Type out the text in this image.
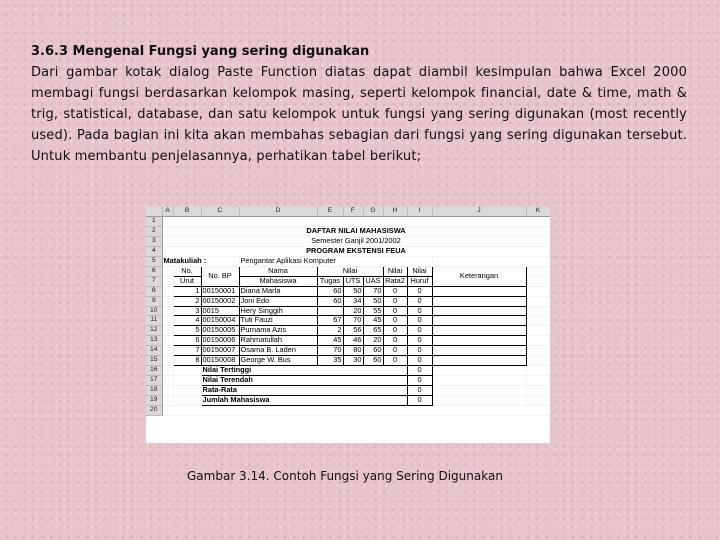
3.6.3 Mengenal Fungsi yang sering digunakan
Dari gambar kotak dialog Paste Function diatas dapat diambil kesimpulan bahwa Excel 2000 membagi fungsi berdasarkan kelompok masing, seperti kelompok financial, date & time, math & trig, statistical, database, dan satu kelompok untuk fungsi yang sering digunakan (most recently used). Pada bagian ini kita akan membahas sebagian dari fungsi yang sering digunakan tersebut. Untuk membantu penjelasannya, perhatikan tabel berikut;
	A	B	C	D	E	F	G	H	I	J	K	
1												
2	DAFTAR NILAI MAHASISWA											
3	Semester Ganjil 2001/2002											
4	PROGRAM EKSTENSI FEUA											
5	Matakuliah :			Pengantar Aplikasi Komputer								
6		No.	No. BP	Nama	Nilai			Nilai	Nilai	Keterangan		
7		Urut		Mahasiswa	Tugas	UTS	UAS	Rata2	Huruf			
8		1	00150001	Diana Marla	60	50	70	0	0			
9		2	00150002	Joni Edo	60	34	50	0	0			
10		3	0015	Hery Singgih		20	55	0	0			
11		4	00150004	Tuti Fauzi	67	70	45	0	0			
12		5	00150005	Purnama Azis	2	56	65	0	0			
13		6	00150006	Rahmatullah	45	46	20	0	0			
14		7	00150007	Osama B. Laden	70	80	60	0	0			
15		8	00150008	George W. Bus	35	30	60	0	0			
16			Nilai Tertinggi						0			
17			Nilai Terendah						0			
18			Rata-Rata						0			
19			Jumlah Mahasiswa						0			
20												
Gambar 3.14. Contoh Fungsi yang Sering Digunakan
